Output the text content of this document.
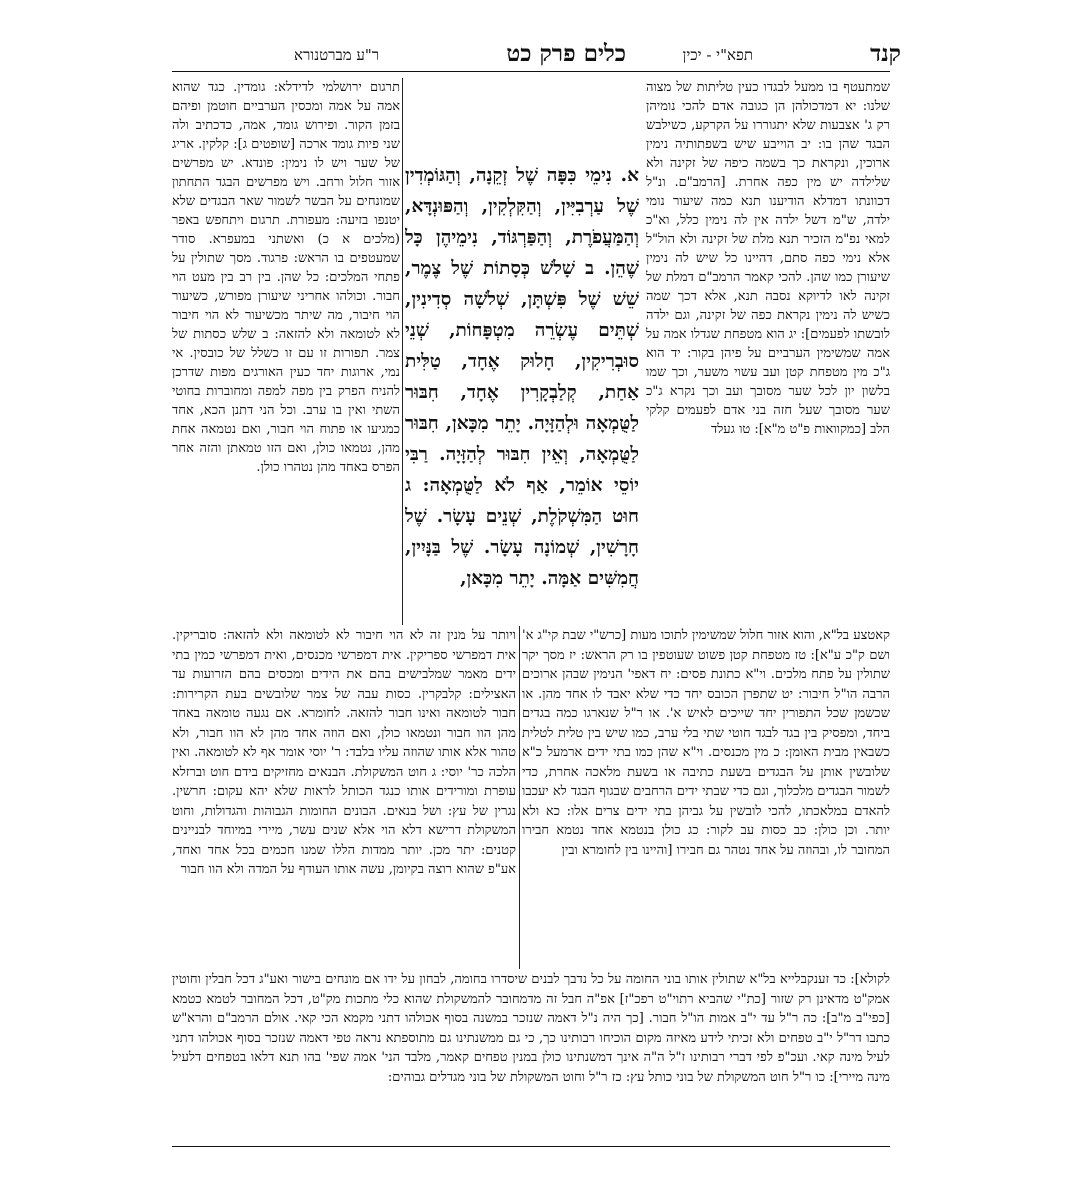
קנד
תפא"י - יכין
כלים פרק כט
ר"ע מברטנורא

שמתעטף בו ממעל לבגדו כעין טליתות של מצוה שלנו: יא דמדכולהן הן כגובה אדם להכי נומיהן רק ג' אצבעות שלא יתגוררו על הקרקע, כשילבש הבגד שהן בו: יב הוייבע שיש בשפתותיה נימין ארוכין, ונקראת כך בשמה כיפה של זקינה ולא שלילדה יש מין כפה אחרת. [הרמב"ם. ונ"ל דכוונתו דמדלא הודיענו תנא כמה שיעור נומי ילדה, ש"מ דשל ילדה אין לה נימין כלל, וא"כ למאי נפ"מ הזכיר תנא מלת של זקינה ולא הול"ל אלא נימי כפה סתם, דהיינו כל שיש לה נימין שיעורן כמו שהן. להכי קאמר הרמב"ם דמלת של זקינה לאו לדיוקא נסבה תנא, אלא דכך שמה כשיש לה נימין נקראת כפה של זקינה, וגם ילדה לובשתו לפעמים]: יג הוא מטפחת שגדלו אמה על אמה שמשימין הערביים על פיהן בקור: יד הוא ג"כ מין מטפחת קטן ועב עשוי משער, וכך שמו בלשון יון לכל שער מסובך ועב וכך נקרא ג"כ שער מסובך שעל חזה בני אדם לפעמים קלקי הלב [כמקוואות פ"ט מ"א]: טו געלד

א. נִימֵי כִּפָּה שֶׁל זְקֵנָה, וְהַגּוֹמְדִין שֶׁל עַרְבִיִּין, וְהַקִּלְקִין, וְהַפּוּנְדָּא, וְהַמַּעֲפֹרֶת, וְהַפַּרְגּוֹד, נִימֵיהֶן כָּל שֶׁהֵן. ב שָׁלֹשׁ כְּסָתוֹת שֶׁל צֶמֶר, שֵׁשׁ שֶׁל פִּשְׁתָּן, שְׁלֹשָׁה סְדִינִין, שְׁתֵּים עֶשְׂרֵה מִטְפָּחוֹת, שְׁנֵי סוּבְרִיקִין, חָלוּק אֶחָד, טַלִּית אַחַת, קְלַבְקָרִין אֶחָד, חִבּוּר לַטֻּמְאָה וּלְהַזָּיָה. יָתֵר מִכָּאן, חִבּוּר לַטֻּמְאָה, וְאֵין חִבּוּר לְהַזָּיָה. רַבִּי יוֹסֵי אוֹמֵר, אַף לֹא לַטֻּמְאָה: ג חוּט הַמִּשְׁקֹלֶת, שְׁנֵים עָשָׂר. שֶׁל חָרָשִׁין, שְׁמוֹנָה עָשָׂר. שֶׁל בַּנָּיִין, חֲמִשִּׁים אַמָּה. יָתֵר מִכָּאן,

תרגום ירושלמי לדידלא: גומדין. כגד שהוא אמה על אמה ומכסין הערביים חוטמן ופיהם בזמן הקור. ופירוש גומד, אמה, כדכתיב ולה שני פיות גומד ארכה [שופטים ג]: קלקין. אריג של שער ויש לו נימין: פונדא. יש מפרשים אזור חלול ורחב. ויש מפרשים הבגד התחתון שמונחים על הבשר לשמור שאר הבגדים שלא יטנפו בזיעה: מעפורת. תרגום ויתחפש באפר (מלכים א כ) ואשתני במעפרא. סודר שמעטפים בו הראש: פרגוד. מסך שתולין על פתחי המלכים: כל שהן. בין רב בין מעט הוי חבור. וכולהו אחריני שיעורן מפורש, כשיעור הוי חיבור, מה שיתר מכשיעור לא הוי חיבור לא לטומאה ולא להזאה: ב שלש כסתות של צמר. תפורות זו עם זו כשלל של כובסין. אי נמי, ארוגות יחד כעין האורגים מפות שדרכן להניח הפרק בין מפה למפה ומחוברות בחוטי השתי ואין בו ערב. וכל הני דתנן הכא, אחד כמגיעו או פתוח הוי חבור, ואם נטמאה אחת מהן, נטמאו כולן, ואם הזו טמאתן והזה אחר הפרס באחד מהן נטהרו כולן.

קאטצע בל"א, והוא אזור חלול שמשימין לתוכו מעות [כרש"י שבת קי"ג א' ושם ק"כ ע"א]: טז מטפחת קטן פשוט שעוטפין בו רק הראש: יז מסך יקר שתולין על פתח מלכים. וי"א כתונת פסים: יח דאפי' הנימין שבהן ארוכים הרבה הו"ל חיבור: יט שתפרן הכובס יחד כדי שלא יאבד לו אחד מהן. או שכשמן שכל התפורין יחד שייכים לאיש א'. או ר"ל שנארגו כמה בגדים ביחד, ומפסיק בין בגד לבגד חוטי שתי בלי ערב, כמו שיש בין טלית לטלית כשבאין מבית האומן: כ מין מכנסים. וי"א שהן כמו בתי ידים ארמעל כ"א שלובשין אותן על הבגדים בשעת כתיבה או בשעת מלאכה אחרת, כדי לשמור הבגדים מלכלוך, וגם כדי שבתי ידים הרחבים שבגוף הבגד לא יעכבו להאדם במלאכתו, להכי לובשין על גביהן בתי ידים צרים אלו: כא ולא יותר. וכן כולן: כב כסות עב לקור: כג כולן בנטמא אחד נטמא חבירו המחובר לו, ובהוזה על אחד נטהר גם חבירו [והיינו בין לחומרא ובין

ויותר על מנין זה לא הוי חיבור לא לטומאה ולא להזאה: סובריקין. אית דמפרשי ספריקין. אית דמפרשי מכנסים, ואית דמפרשי כמין בתי ידים מאמר שמלבישים בהם את הידים ומכסים בהם הזרועות עד האצילים: קלבקרין. כסות עבה של צמר שלובשים בעת הקרירות: חבור לטומאה ואינו חבור להזאה. לחומרא. אם נגעה טומאה באחד מהן הוו חבור ונטמאו כולן, ואם הוזה אחד מהן לא הוו חבור, ולא טהור אלא אותו שהוזה עליו בלבד: ר' יוסי אומר אף לא לטומאה. ואין הלכה כר' יוסי: ג חוט המשקולת. הבנאים מחזיקים בידם חוט וברזלא עופרת ומורידים אותו כנגד הכותל לראות שלא יהא עקום: חרשין. נגרין של עץ: ושל בנאים. הבונים החומות הגבוהות והגדולות, וחוט המשקולת דרישא דלא הוי אלא שנים עשר, מיירי במיוחד לבניינים קטנים: יתר מכן. יותר ממדות הללו שמנו חכמים בכל אחד ואחד, אע"פ שהוא רוצה בקיומן, עשה אותו העודף על המדה ולא הוו חבור

לקולא]: כד זענקבלייא בל"א שתולין אותו בוני החומה על כל נדבך לבנים שיסדרו בחומה, לבחון על ידו אם מונחים בישור ואע"ג דכל חבלין וחוטין אמק"ט מדאינן רק שזור [כת"י שהביא רתוי"ט רפכ"ז] אפ"ה חבל זה מדמחובר להמשקולת שהוא כלי מתכות מק"ט, דכל המחובר לטמא כטמא [כפי"ב מ"ב]: כה ר"ל עד י"ב אמות הו"ל חבור. [כך היה נ"ל דאמה שנזכר במשנה בסוף אכולהו דתני מקמא הכי קאי. אולם הרמב"ם והרא"ש כתבו דר"ל י"ב טפחים ולא זכיתי לידע מאיזה מקום הוכיחו רבותינו כך, כי גם ממשנתינו גם מתוספתא נראה טפי דאמה שנזכר בסוף אכולהו דתני לעיל מינה קאי. ועכ"פ לפי דברי רבותינו ז"ל ה"ה אינך דמשנתינו כולן במנין טפחים קאמר, מלבד הני' אמה שפי' בהו תנא דלאו בטפחים דלעיל מינה מיירי]: כו ר"ל חוט המשקולת של בוני כותל עץ: כז ר"ל וחוט המשקולת של בוני מגדלים גבוהים:
